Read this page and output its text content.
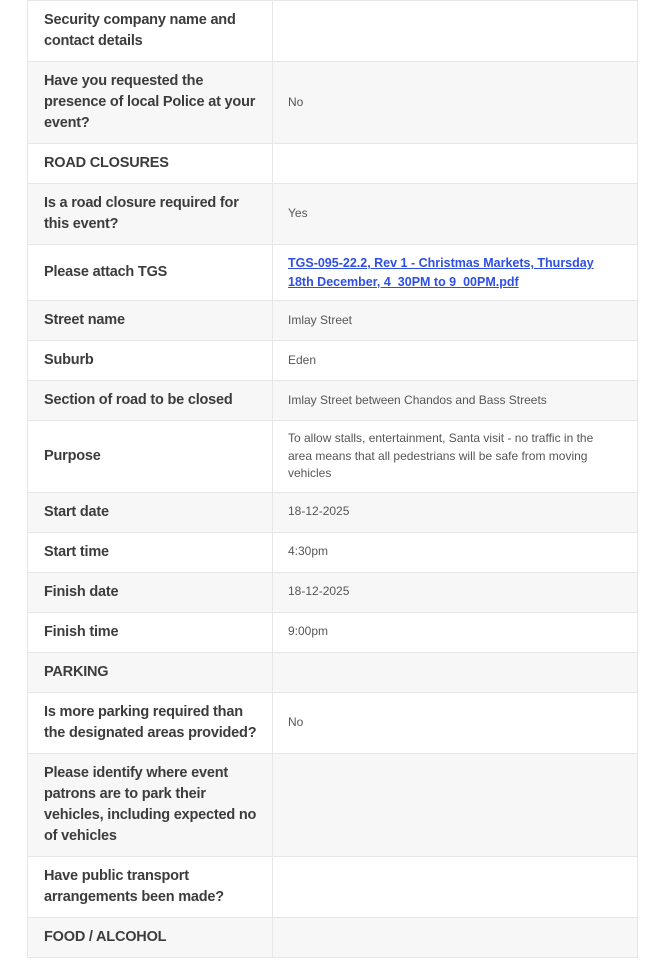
Security company name and contact details	
Have you requested the presence of local Police at your event?	No
ROAD CLOSURES	
Is a road closure required for this event?	Yes
Please attach TGS	TGS-095-22.2, Rev 1 - Christmas Markets, Thursday 18th December, 4_30PM to 9_00PM.pdf
Street name	Imlay Street
Suburb	Eden
Section of road to be closed	Imlay Street between Chandos and Bass Streets
Purpose	To allow stalls, entertainment, Santa visit - no traffic in the area means that all pedestrians will be safe from moving vehicles
Start date	18-12-2025
Start time	4:30pm
Finish date	18-12-2025
Finish time	9:00pm
PARKING	
Is more parking required than the designated areas provided?	No
Please identify where event patrons are to park their vehicles, including expected no of vehicles	
Have public transport arrangements been made?	
FOOD / ALCOHOL	
